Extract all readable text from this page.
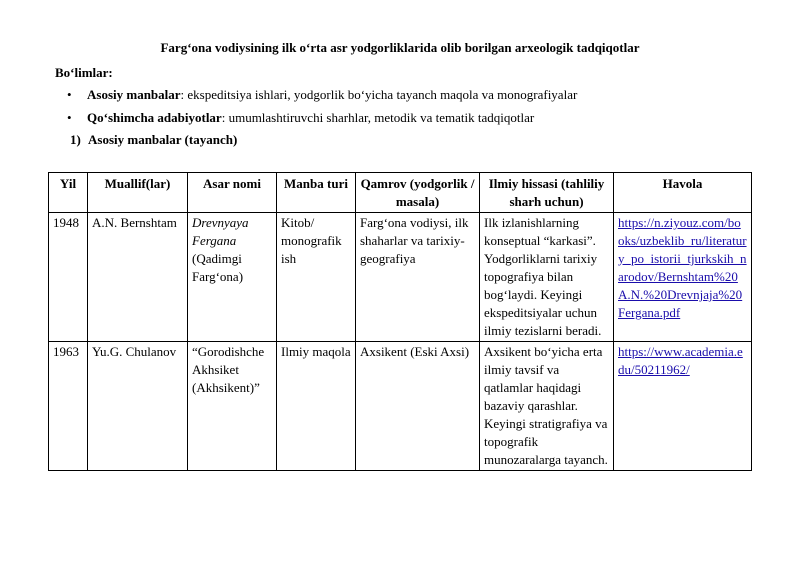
Farg‘ona vodiysining ilk o‘rta asr yodgorliklarida olib borilgan arxeologik tadqiqotlar
Bo‘limlar:
• Asosiy manbalar: ekspeditsiya ishlari, yodgorlik bo‘yicha tayanch maqola va monografiyalar
• Qo‘shimcha adabiyotlar: umumlashtiruvchi sharhlar, metodik va tematik tadqiqotlar
1) Asosiy manbalar (tayanch)
Yil	Muallif(lar)	Asar nomi	Manba turi	Qamrov (yodgorlik / masala)	Ilmiy hissasi (tahliliy sharh uchun)	Havola
1948	A.N. Bernshtam	Drevnyaya Fergana (Qadimgi Farg‘ona)	Kitob/ monografik ish	Farg‘ona vodiysi, ilk shaharlar va tarixiy-geografiya	Ilk izlanishlarning konseptual “karkasi”. Yodgorliklarni tarixiy topografiya bilan bog‘laydi. Keyingi ekspeditsiyalar uchun ilmiy tezislarni beradi.	https://n.ziyouz.com/books/uzbeklib_ru/literatury_po_istorii_tjurkskih_narodov/Bernshtam%20A.N.%20Drevnjaja%20Fergana.pdf
1963	Yu.G. Chulanov	“Gorodishche Akhsiket (Akhsikent)”	Ilmiy maqola	Axsikent (Eski Axsi)	Axsikent bo‘yicha erta ilmiy tavsif va qatlamlar haqidagi bazaviy qarashlar. Keyingi stratigrafiya va topografik munozaralarga tayanch.	https://www.academia.edu/50211962/
